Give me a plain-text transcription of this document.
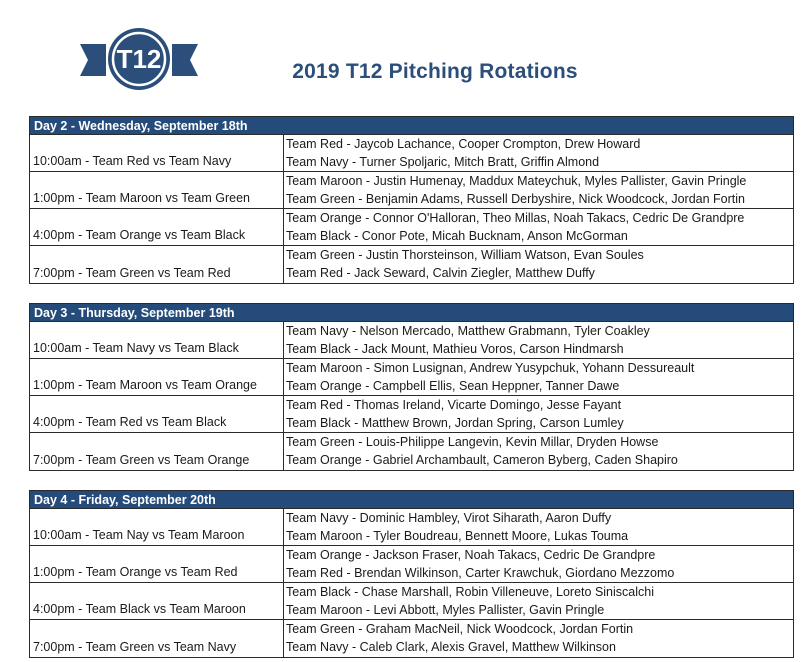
T12	2019 T12 Pitching Rotations
Day 2 - Wednesday, September 18th
10:00am - Team Red vs Team Navy
Team Red - Jaycob Lachance, Cooper Crompton, Drew Howard
Team Navy - Turner Spoljaric, Mitch Bratt, Griffin Almond
1:00pm - Team Maroon vs Team Green
Team Maroon - Justin Humenay, Maddux Mateychuk, Myles Pallister, Gavin Pringle
Team Green - Benjamin Adams, Russell Derbyshire, Nick Woodcock, Jordan Fortin
4:00pm - Team Orange vs Team Black
Team Orange - Connor O'Halloran, Theo Millas, Noah Takacs, Cedric De Grandpre
Team Black - Conor Pote, Micah Bucknam, Anson McGorman
7:00pm - Team Green vs Team Red
Team Green - Justin Thorsteinson, William Watson, Evan Soules
Team Red - Jack Seward, Calvin Ziegler, Matthew Duffy
Day 3 - Thursday, September 19th
10:00am - Team Navy vs Team Black
Team Navy - Nelson Mercado, Matthew Grabmann, Tyler Coakley
Team Black - Jack Mount, Mathieu Voros, Carson Hindmarsh
1:00pm - Team Maroon vs Team Orange
Team Maroon - Simon Lusignan, Andrew Yusypchuk, Yohann Dessureault
Team Orange - Campbell Ellis, Sean Heppner, Tanner Dawe
4:00pm - Team Red vs Team Black
Team Red - Thomas Ireland, Vicarte Domingo, Jesse Fayant
Team Black - Matthew Brown, Jordan Spring, Carson Lumley
7:00pm - Team Green vs Team Orange
Team Green - Louis-Philippe Langevin, Kevin Millar, Dryden Howse
Team Orange - Gabriel Archambault, Cameron Byberg, Caden Shapiro
Day 4 - Friday, September 20th
10:00am - Team Nay vs Team Maroon
Team Navy - Dominic Hambley, Virot Siharath, Aaron Duffy
Team Maroon - Tyler Boudreau, Bennett Moore, Lukas Touma
1:00pm - Team Orange vs Team Red
Team Orange - Jackson Fraser, Noah Takacs, Cedric De Grandpre
Team Red - Brendan Wilkinson, Carter Krawchuk, Giordano Mezzomo
4:00pm - Team Black vs Team Maroon
Team Black - Chase Marshall, Robin Villeneuve, Loreto Siniscalchi
Team Maroon - Levi Abbott, Myles Pallister, Gavin Pringle
7:00pm - Team Green vs Team Navy
Team Green - Graham MacNeil, Nick Woodcock, Jordan Fortin
Team Navy - Caleb Clark, Alexis Gravel, Matthew Wilkinson
